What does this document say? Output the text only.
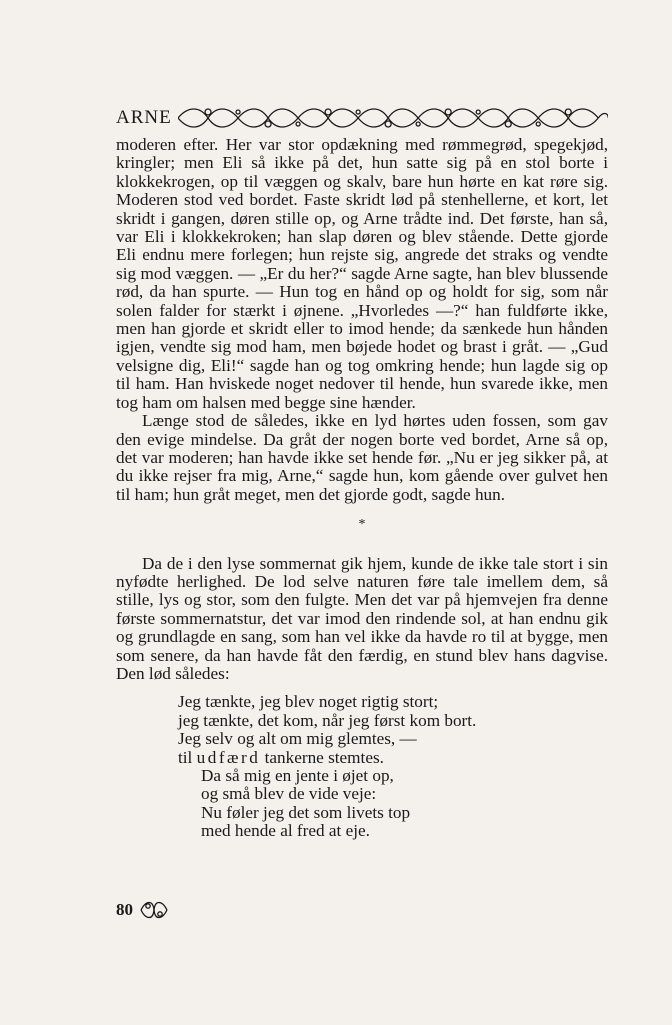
ARNE

moderen efter. Her var stor opdækning med rømmegrød, spegekjød, kringler; men Eli så ikke på det, hun satte sig på en stol borte i klokkekrogen, op til væggen og skalv, bare hun hørte en kat røre sig. Moderen stod ved bordet. Faste skridt lød på stenhellerne, et kort, let skridt i gangen, døren stille op, og Arne trådte ind. Det første, han så, var Eli i klokkekroken; han slap døren og blev stående. Dette gjorde Eli endnu mere forlegen; hun rejste sig, angrede det straks og vendte sig mod væggen. — „Er du her?“ sagde Arne sagte, han blev blussende rød, da han spurte. — Hun tog en hånd op og holdt for sig, som når solen falder for stærkt i øjnene. „Hvorledes —?“ han fuldførte ikke, men han gjorde et skridt eller to imod hende; da sænkede hun hånden igjen, vendte sig mod ham, men bøjede hodet og brast i gråt. — „Gud velsigne dig, Eli!“ sagde han og tog omkring hende; hun lagde sig op til ham. Han hviskede noget nedover til hende, hun svarede ikke, men tog ham om halsen med begge sine hænder.

Længe stod de således, ikke en lyd hørtes uden fossen, som gav den evige mindelse. Da gråt der nogen borte ved bordet, Arne så op, det var moderen; han havde ikke set hende før. „Nu er jeg sikker på, at du ikke rejser fra mig, Arne,“ sagde hun, kom gående over gulvet hen til ham; hun gråt meget, men det gjorde godt, sagde hun.

*

Da de i den lyse sommernat gik hjem, kunde de ikke tale stort i sin nyfødte herlighed. De lod selve naturen føre tale imellem dem, så stille, lys og stor, som den fulgte. Men det var på hjemvejen fra denne første sommernatstur, det var imod den rindende sol, at han endnu gik og grundlagde en sang, som han vel ikke da havde ro til at bygge, men som senere, da han havde fåt den færdig, en stund blev hans dagvise. Den lød således:

Jeg tænkte, jeg blev noget rigtig stort;
jeg tænkte, det kom, når jeg først kom bort.
Jeg selv og alt om mig glemtes, —
til udfærd tankerne stemtes.
Da så mig en jente i øjet op,
og små blev de vide veje:
Nu føler jeg det som livets top
med hende al fred at eje.
80
